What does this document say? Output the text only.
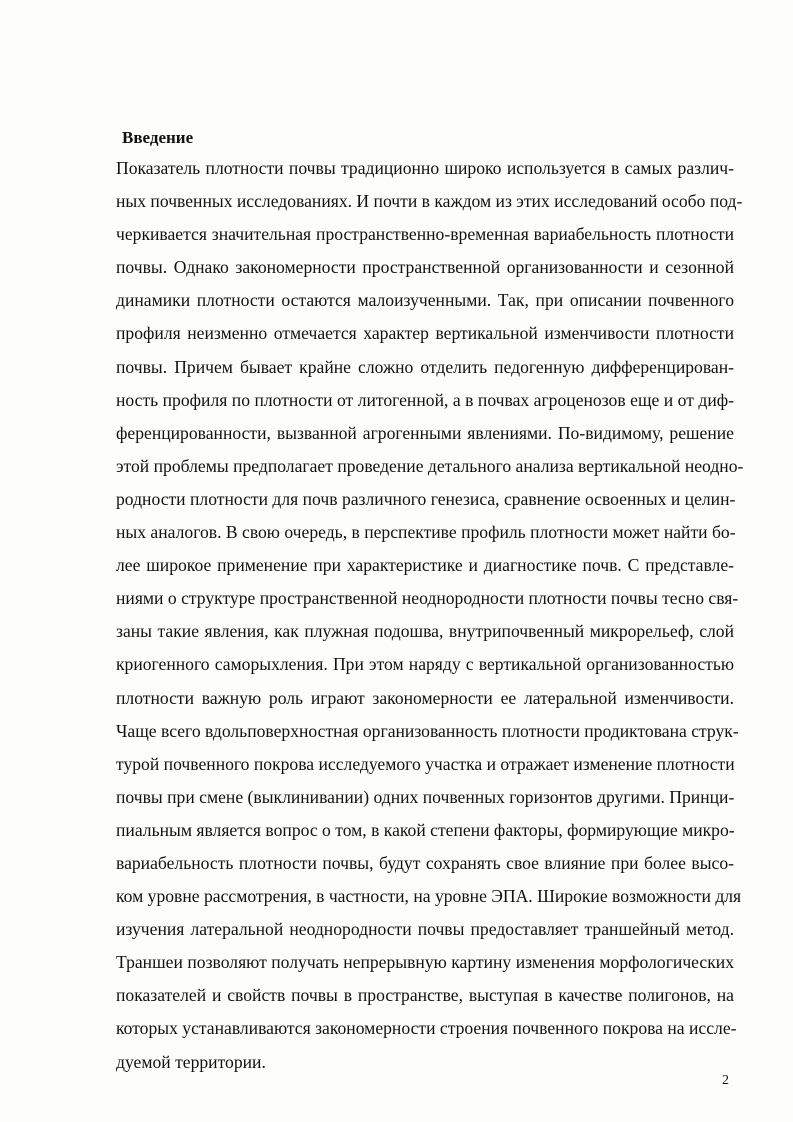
Введение
Показатель плотности почвы традиционно широко используется в самых различ-
ных почвенных исследованиях. И почти в каждом из этих исследований особо под-
черкивается значительная пространственно-временная вариабельность плотности
почвы. Однако закономерности пространственной организованности и сезонной
динамики плотности остаются малоизученными. Так, при описании почвенного
профиля неизменно отмечается характер вертикальной изменчивости плотности
почвы. Причем бывает крайне сложно отделить педогенную дифференцирован-
ность профиля по плотности от литогенной, а в почвах агроценозов еще и от диф-
ференцированности, вызванной агрогенными явлениями. По-видимому, решение
этой проблемы предполагает проведение детального анализа вертикальной неодно-
родности плотности для почв различного генезиса, сравнение освоенных и целин-
ных аналогов. В свою очередь, в перспективе профиль плотности может найти бо-
лее широкое применение при характеристике и диагностике почв. С представле-
ниями о структуре пространственной неоднородности плотности почвы тесно свя-
заны такие явления, как плужная подошва, внутрипочвенный микрорельеф, слой
криогенного саморыхления. При этом наряду с вертикальной организованностью
плотности важную роль играют закономерности ее латеральной изменчивости.
Чаще всего вдольповерхностная организованность плотности продиктована струк-
турой почвенного покрова исследуемого участка и отражает изменение плотности
почвы при смене (выклинивании) одних почвенных горизонтов другими. Принци-
пиальным является вопрос о том, в какой степени факторы, формирующие микро-
вариабельность плотности почвы, будут сохранять свое влияние при более высо-
ком уровне рассмотрения, в частности, на уровне ЭПА. Широкие возможности для
изучения латеральной неоднородности почвы предоставляет траншейный метод.
Траншеи позволяют получать непрерывную картину изменения морфологических
показателей и свойств почвы в пространстве, выступая в качестве полигонов, на
которых устанавливаются закономерности строения почвенного покрова на иссле-
дуемой территории.
2
